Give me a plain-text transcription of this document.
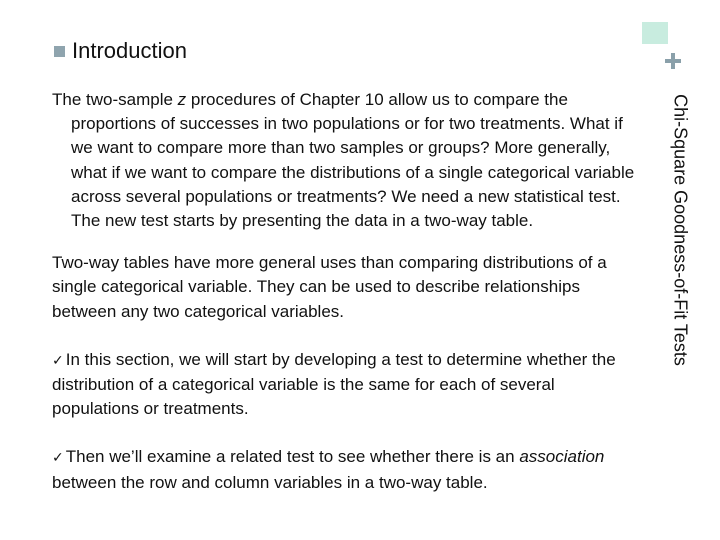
Chi-Square Goodness-of-Fit Tests
Introduction

The two-sample z procedures of Chapter 10 allow us to compare the proportions of successes in two populations or for two treatments. What if we want to compare more than two samples or groups? More generally, what if we want to compare the distributions of a single categorical variable across several populations or treatments? We need a new statistical test. The new test starts by presenting the data in a two-way table.

Two-way tables have more general uses than comparing distributions of a single categorical variable. They can be used to describe relationships between any two categorical variables.

✓ In this section, we will start by developing a test to determine whether the distribution of a categorical variable is the same for each of several populations or treatments.

✓ Then we’ll examine a related test to see whether there is an association between the row and column variables in a two-way table.
